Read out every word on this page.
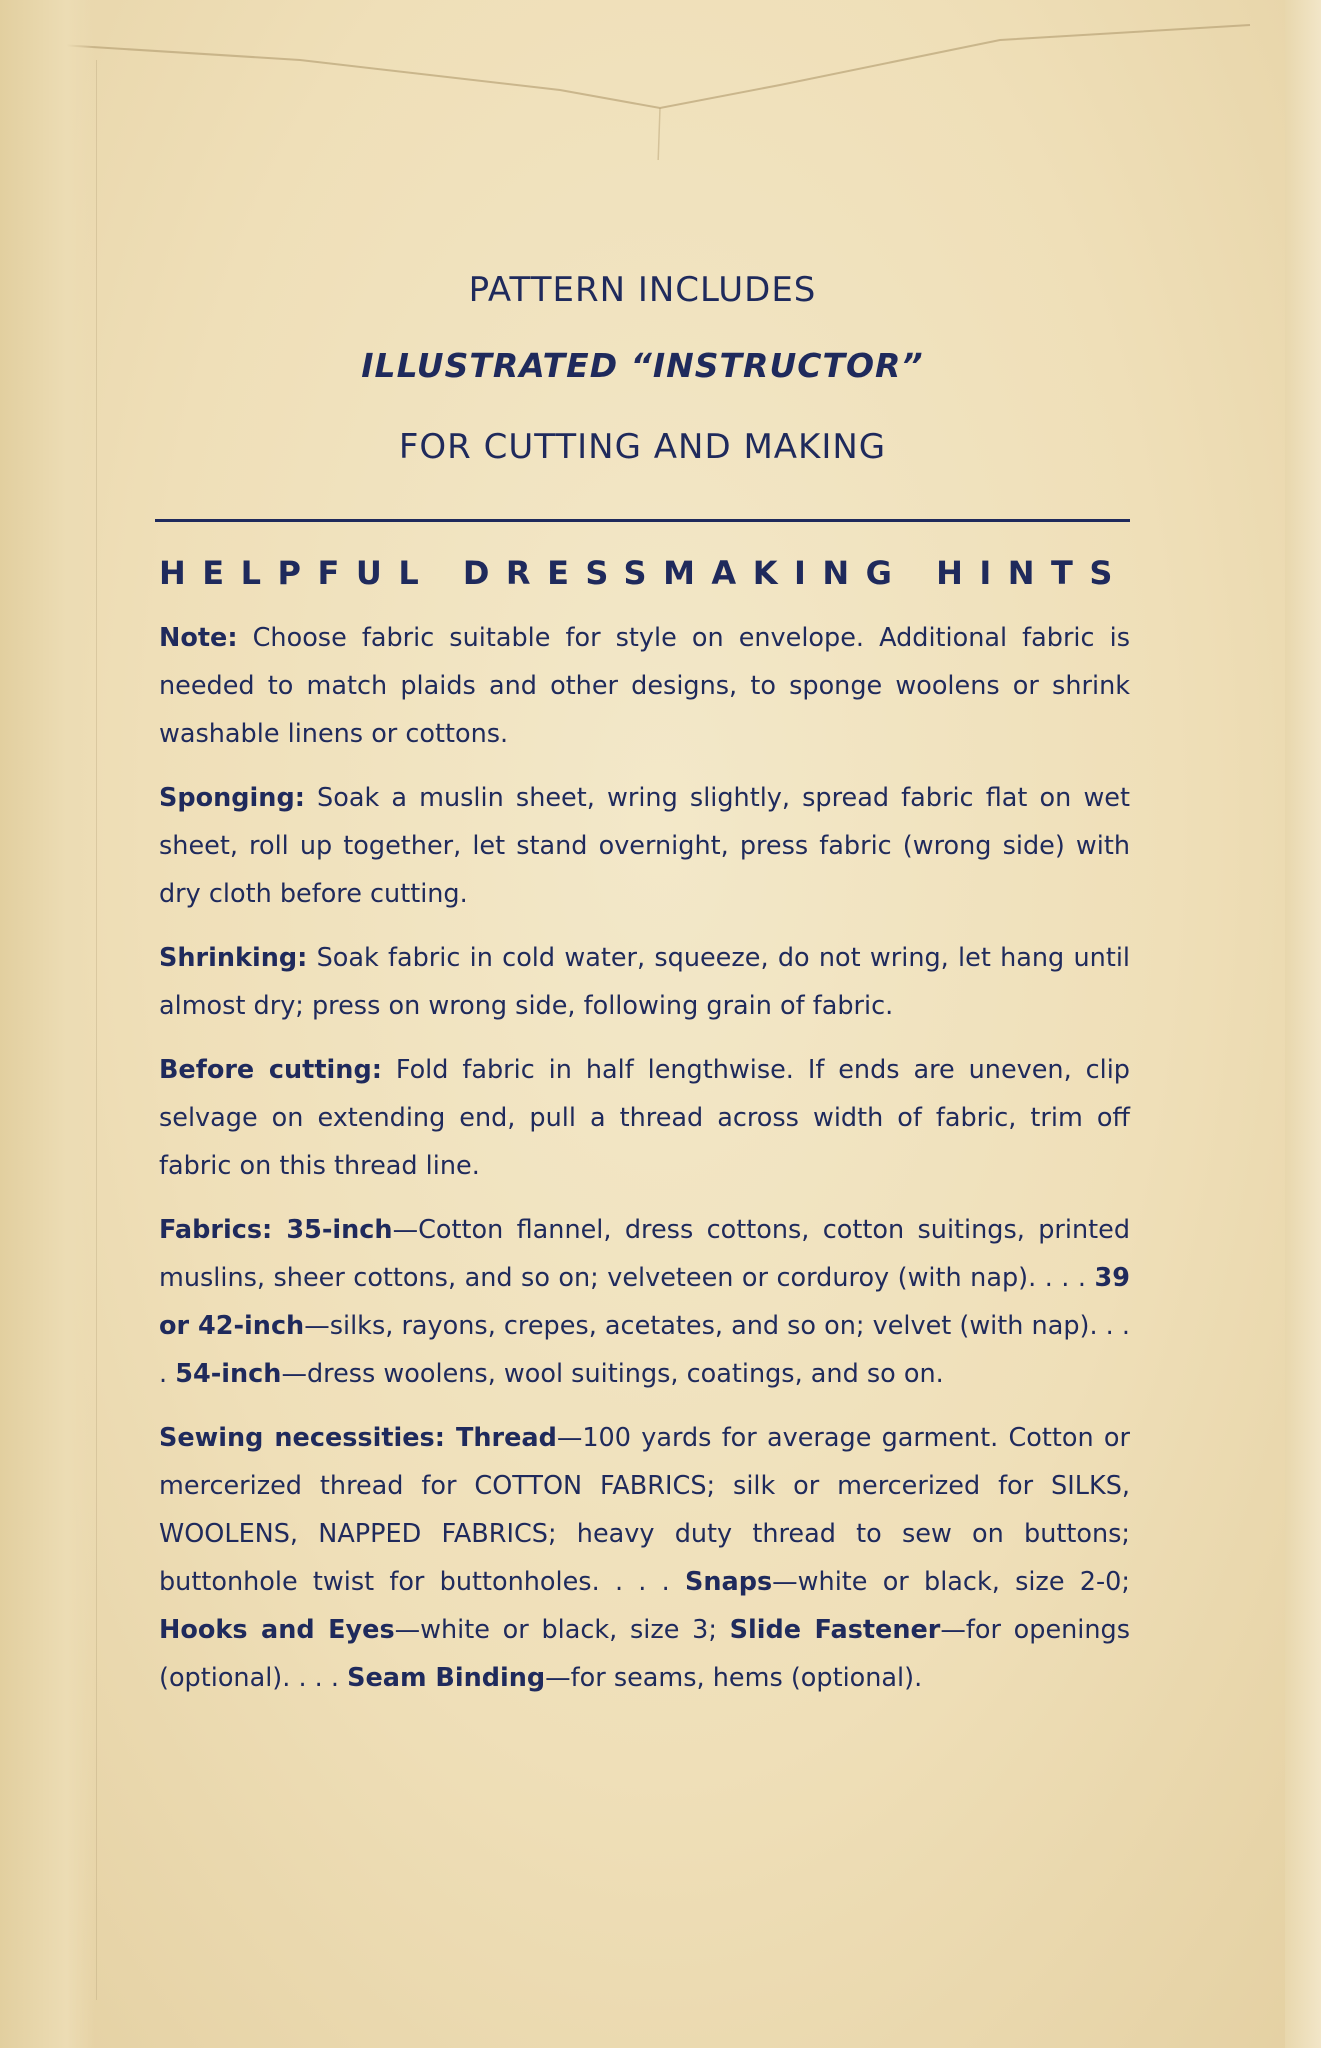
PATTERN INCLUDES
ILLUSTRATED “INSTRUCTOR”
FOR CUTTING AND MAKING
HELPFUL DRESSMAKING HINTS

Note: Choose fabric suitable for style on envelope. Additional fabric is needed to match plaids and other designs, to sponge woolens or shrink washable linens or cottons.

Sponging: Soak a muslin sheet, wring slightly, spread fabric flat on wet sheet, roll up together, let stand overnight, press fabric (wrong side) with dry cloth before cutting.

Shrinking: Soak fabric in cold water, squeeze, do not wring, let hang until almost dry; press on wrong side, following grain of fabric.

Before cutting: Fold fabric in half lengthwise. If ends are uneven, clip selvage on extending end, pull a thread across width of fabric, trim off fabric on this thread line.

Fabrics: 35-inch—Cotton flannel, dress cottons, cotton suitings, printed muslins, sheer cottons, and so on; velveteen or corduroy (with nap). . . . 39 or 42-inch—silks, rayons, crepes, acetates, and so on; velvet (with nap). . . . 54-inch—dress woolens, wool suitings, coatings, and so on.

Sewing necessities: Thread—100 yards for average garment. Cotton or mercerized thread for COTTON FABRICS; silk or mercerized for SILKS, WOOLENS, NAPPED FABRICS; heavy duty thread to sew on buttons; buttonhole twist for buttonholes. . . . Snaps—white or black, size 2-0; Hooks and Eyes—white or black, size 3; Slide Fastener—for openings (optional). . . . Seam Binding—for seams, hems (optional).
